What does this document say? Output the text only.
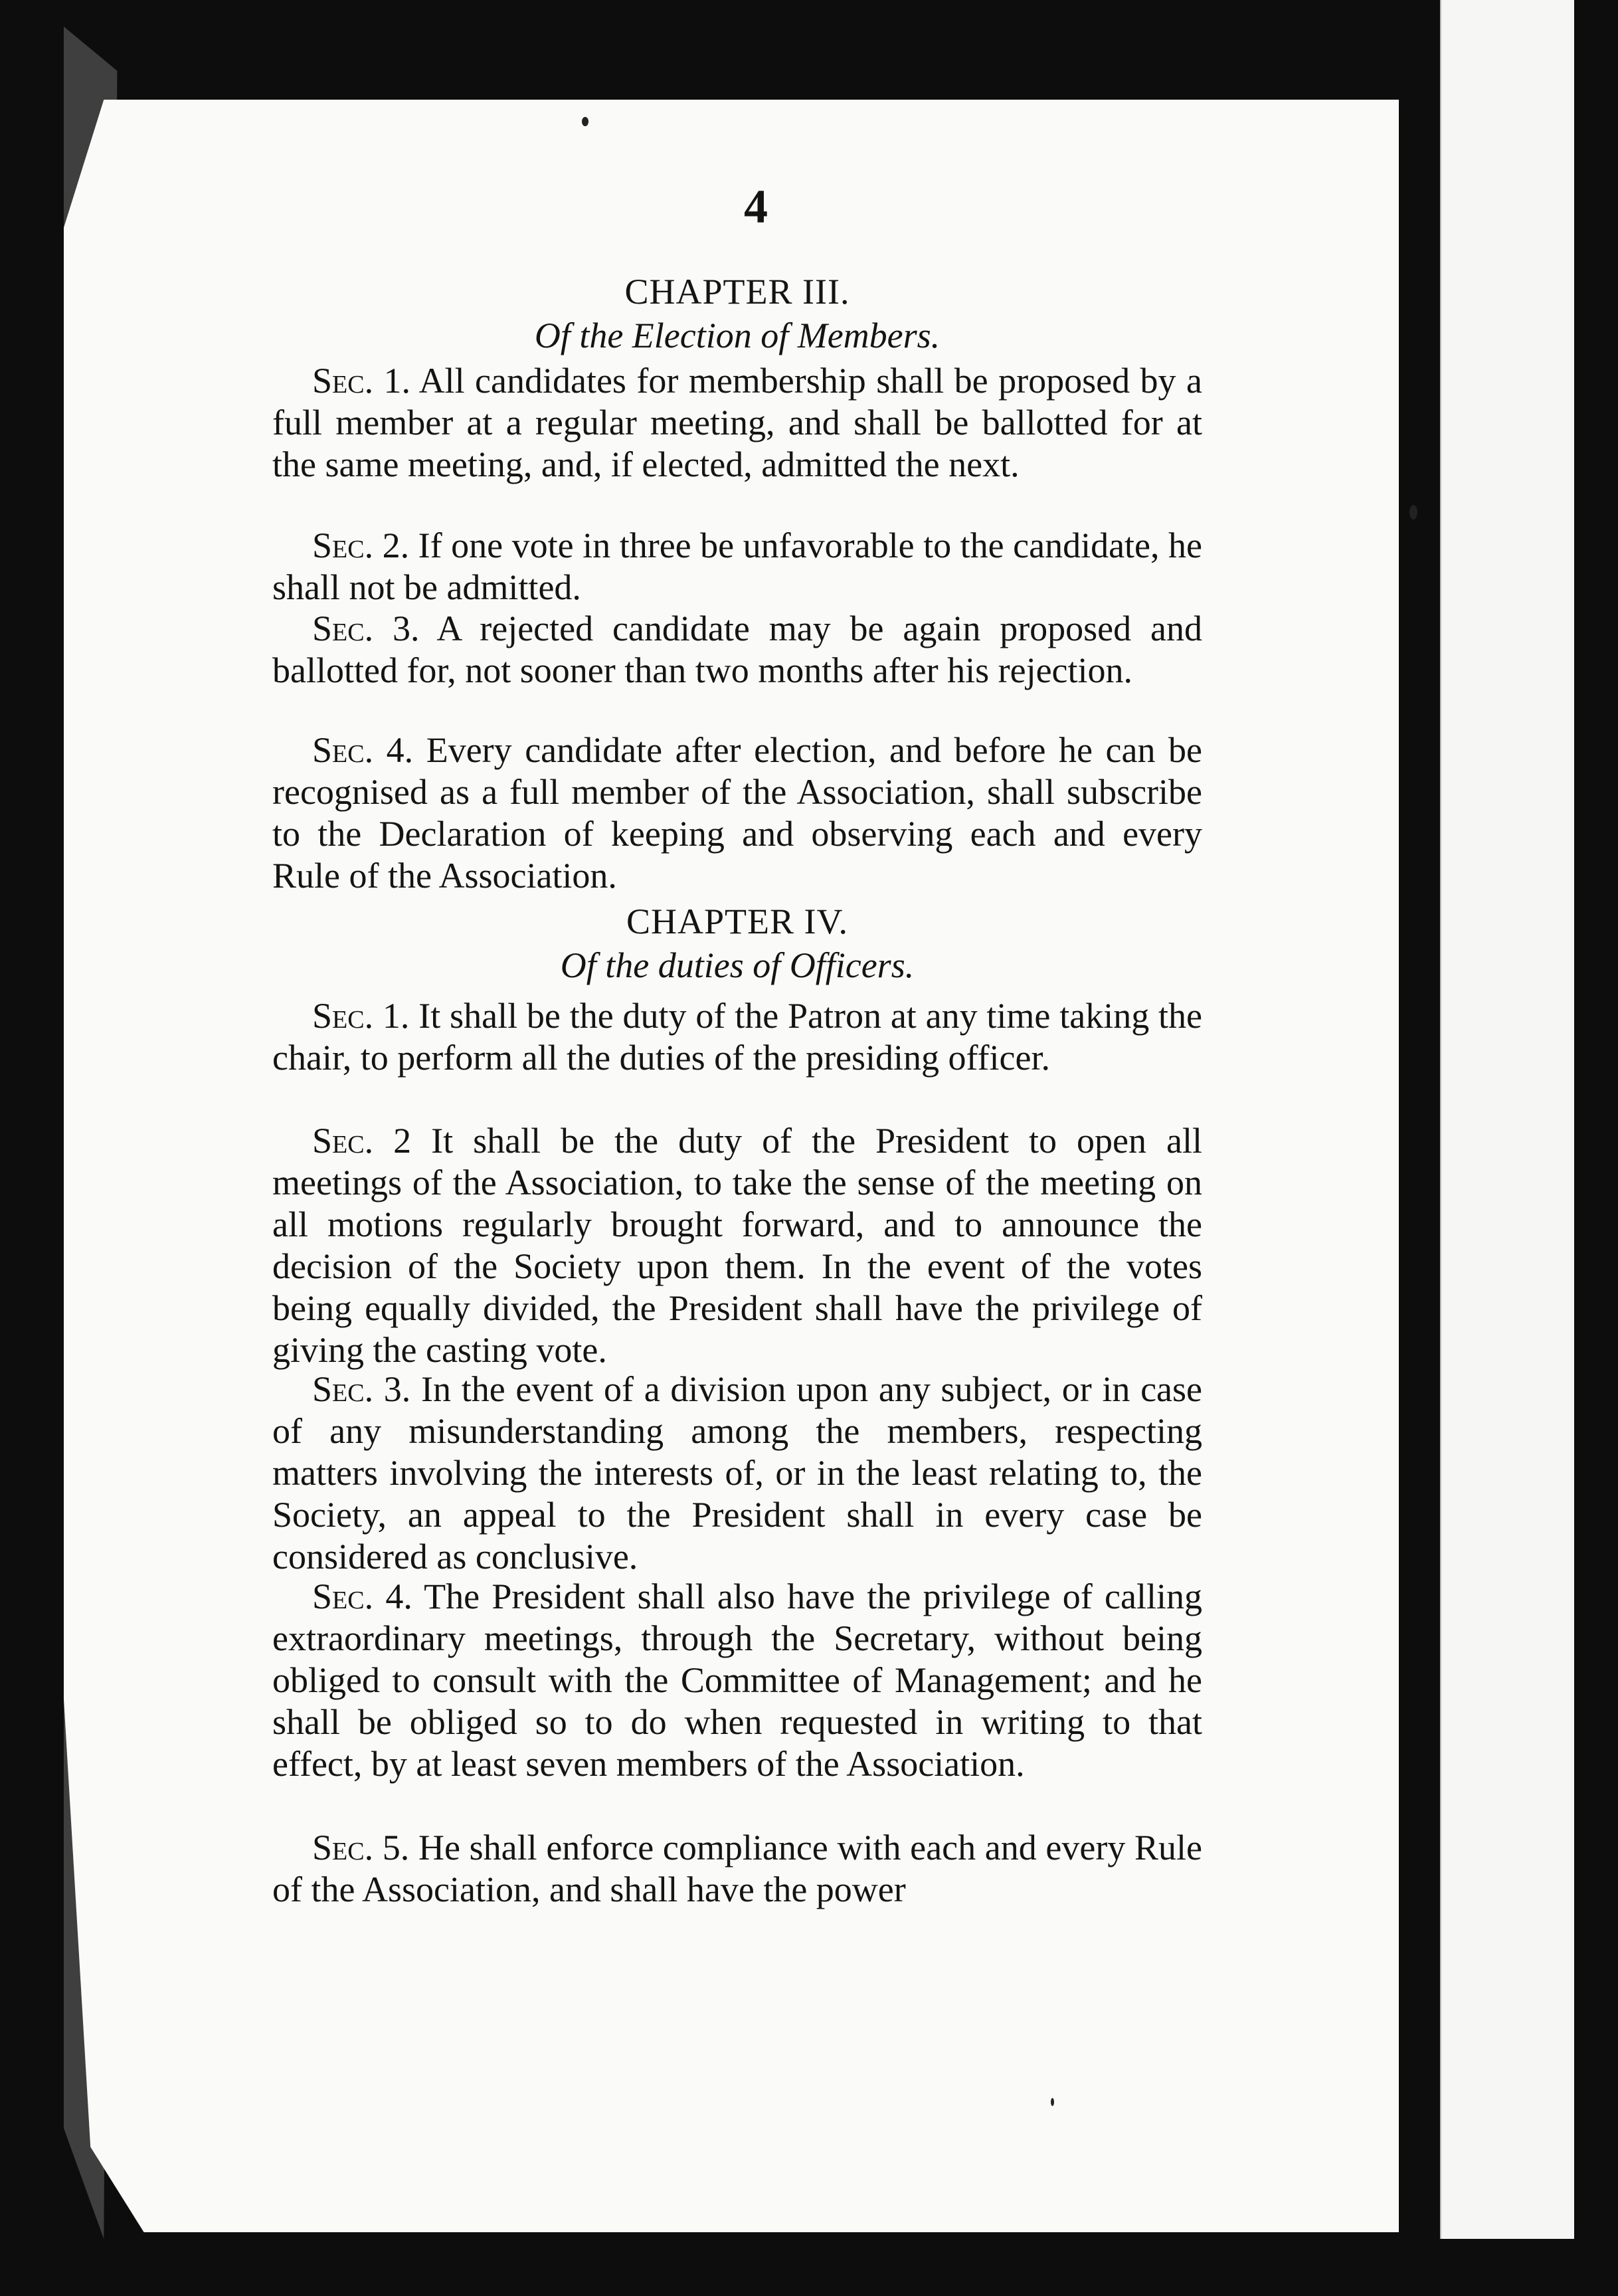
4
CHAPTER III.
Of the Election of Members.

Sec. 1. All candidates for membership shall be proposed by a full member at a regular meeting, and shall be ballotted for at the same meeting, and, if elected, admitted the next.

Sec. 2. If one vote in three be unfavorable to the candidate, he shall not be admitted.

Sec. 3. A rejected candidate may be again proposed and ballotted for, not sooner than two months after his rejection.

Sec. 4. Every candidate after election, and before he can be recognised as a full member of the Association, shall subscribe to the Declaration of keeping and observing each and every Rule of the Association.

CHAPTER IV.
Of the duties of Officers.

Sec. 1. It shall be the duty of the Patron at any time taking the chair, to perform all the duties of the presiding officer.

Sec. 2 It shall be the duty of the President to open all meetings of the Association, to take the sense of the meeting on all motions regularly brought forward, and to announce the decision of the Society upon them. In the event of the votes being equally divided, the President shall have the privilege of giving the casting vote.

Sec. 3. In the event of a division upon any subject, or in case of any misunderstanding among the members, respecting matters involving the interests of, or in the least relating to, the Society, an appeal to the President shall in every case be considered as conclusive.

Sec. 4. The President shall also have the privilege of calling extraordinary meetings, through the Secretary, without being obliged to consult with the Committee of Management; and he shall be obliged so to do when requested in writing to that effect, by at least seven members of the Association.

Sec. 5. He shall enforce compliance with each and every Rule of the Association, and shall have the power
